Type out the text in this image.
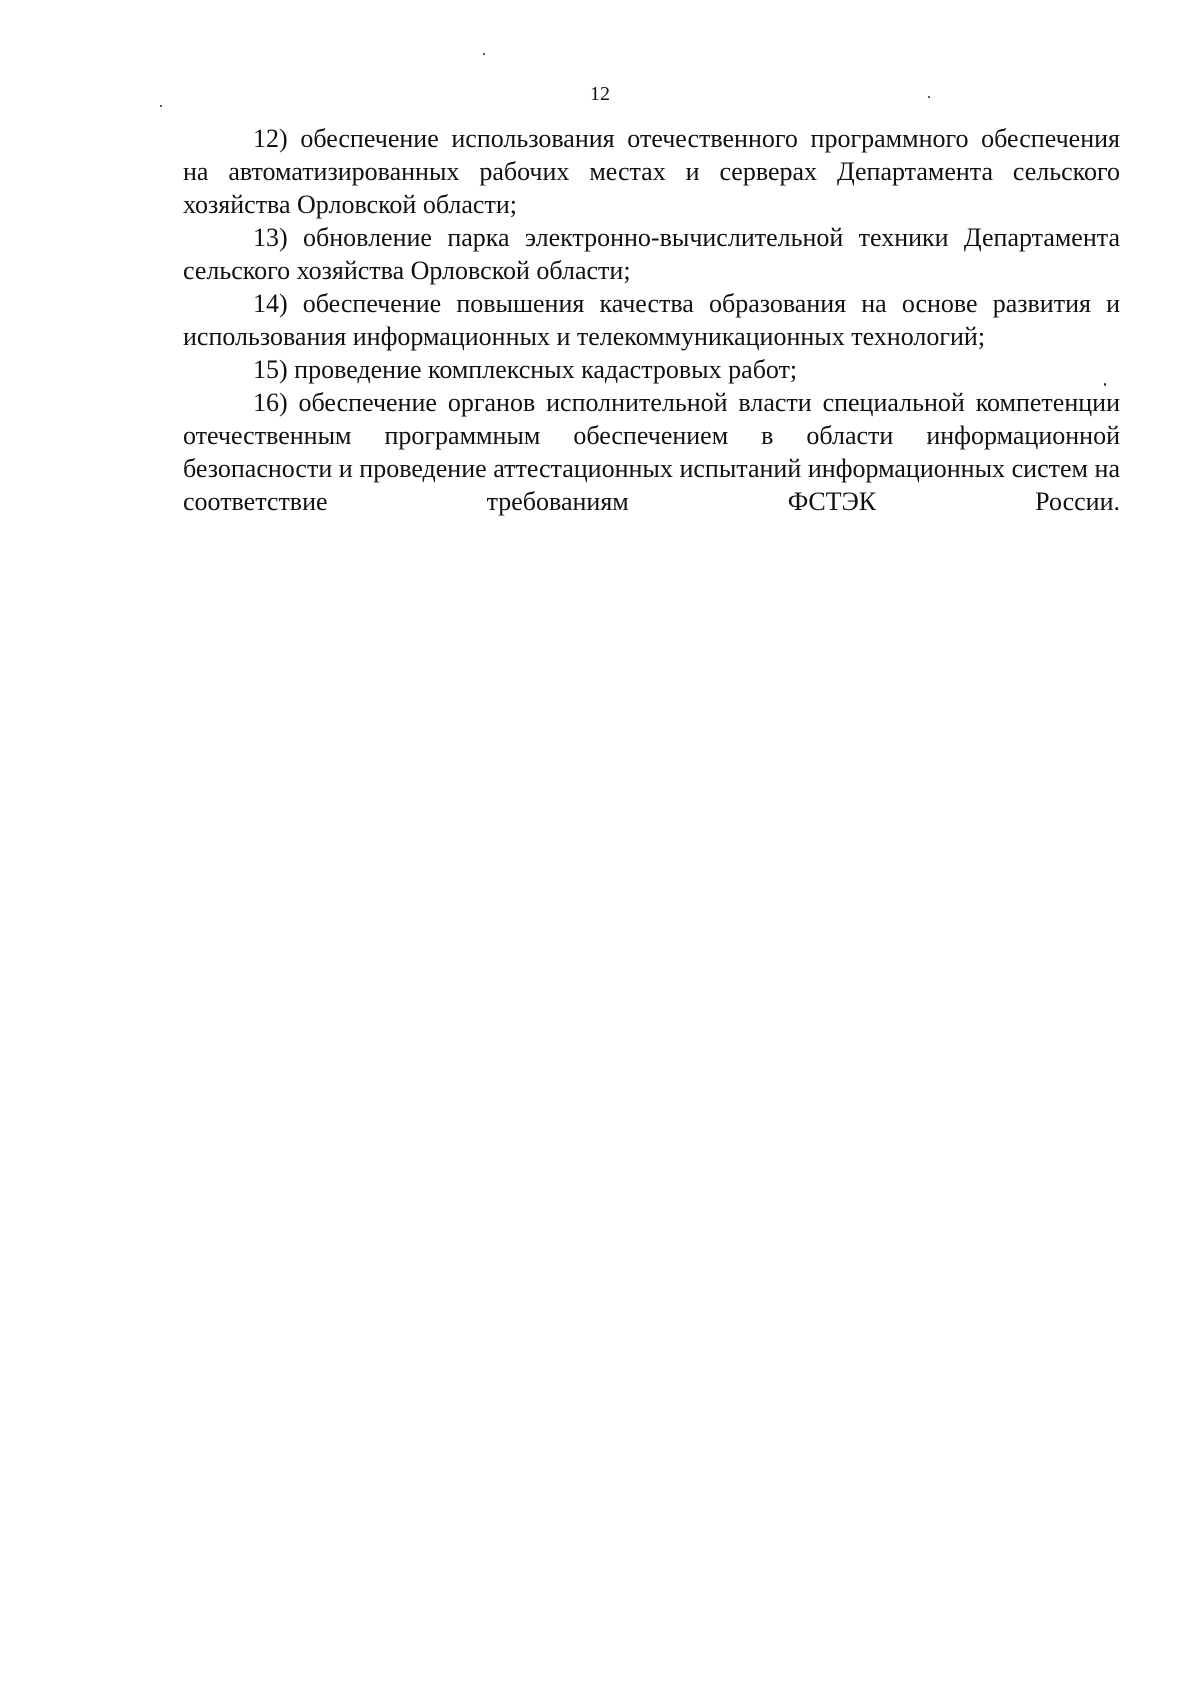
12

12) обеспечение использования отечественного программного обеспечения на автоматизированных рабочих местах и серверах Департамента сельского хозяйства Орловской области;

13) обновление парка электронно-вычислительной техники Департамента сельского хозяйства Орловской области;

14) обеспечение повышения качества образования на основе развития и использования информационных и телекоммуникационных технологий;

15) проведение комплексных кадастровых работ;

16) обеспечение органов исполнительной власти специальной компетенции отечественным программным обеспечением в области информационной безопасности и проведение аттестационных испытаний информационных систем на соответствие требованиям ФСТЭК России.
